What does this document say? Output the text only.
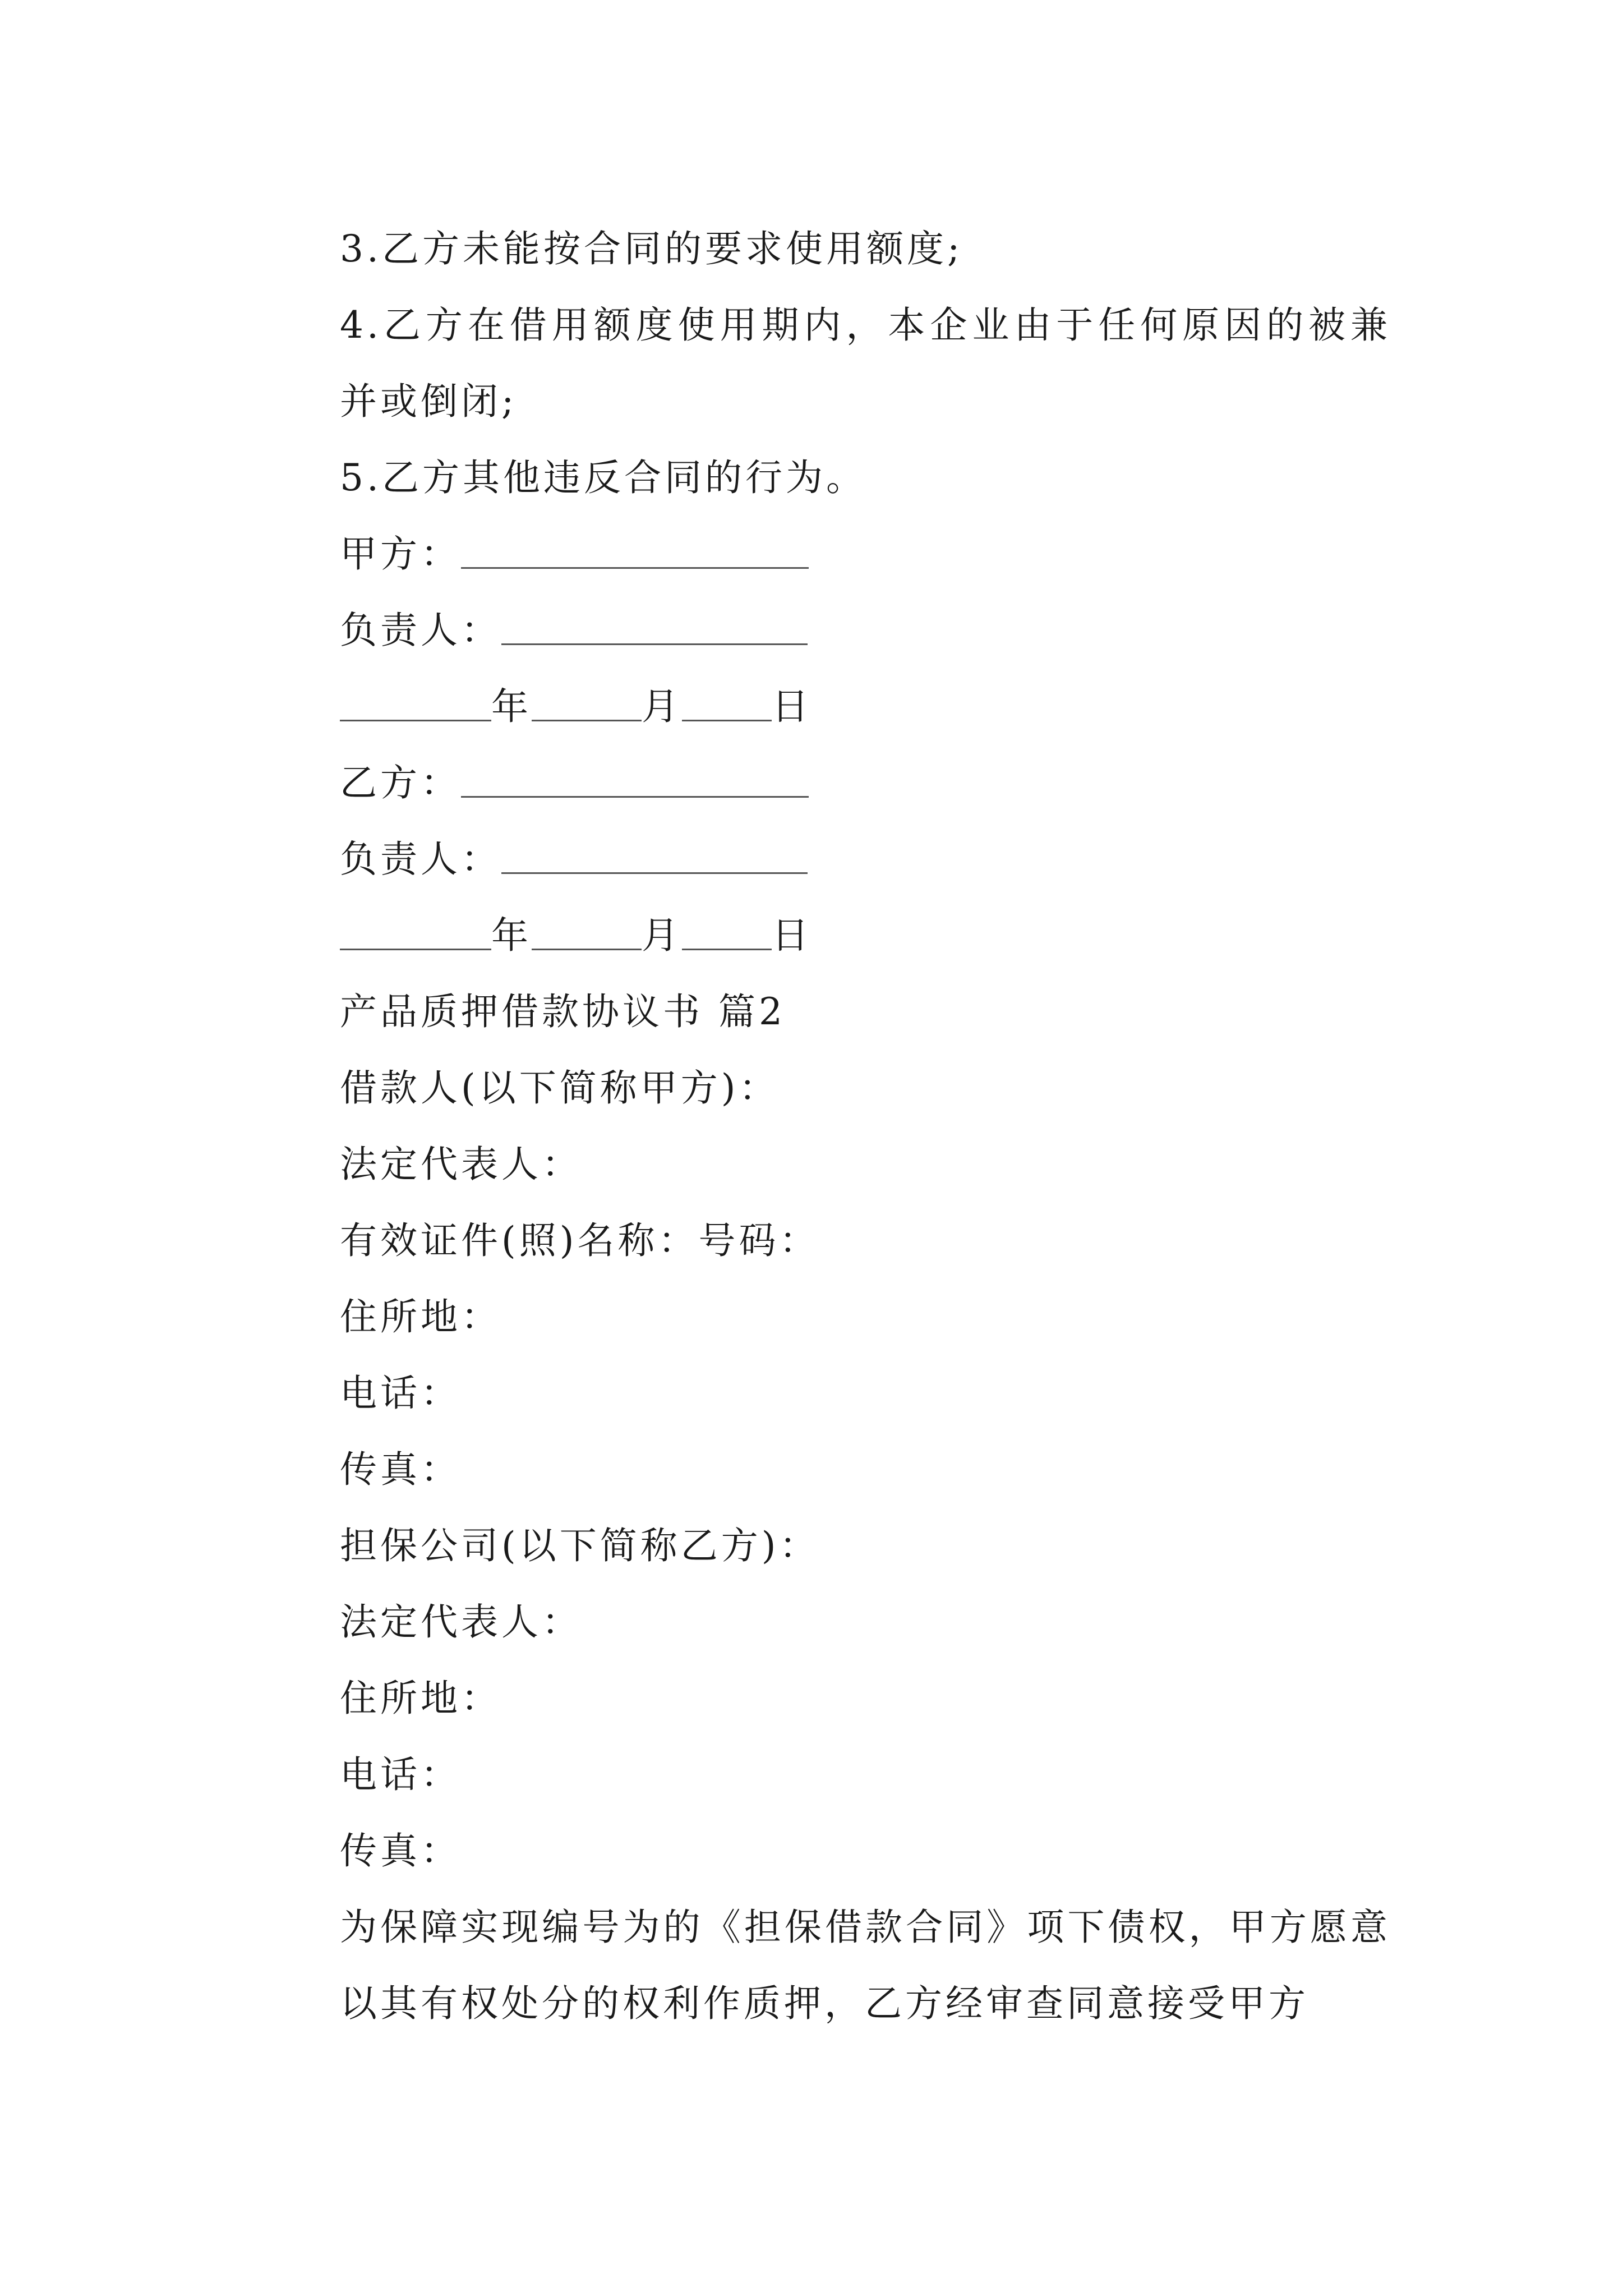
3.乙方未能按合同的要求使用额度;
4.乙方在借用额度使用期内，本企业由于任何原因的被兼并或倒闭;
5.乙方其他违反合同的行为。
甲方：
负责人：
年	月 日
乙方：
负责人：
年	月 日
产品质押借款协议书 篇2
借款人(以下简称甲方)：
法定代表人：
有效证件(照)名称：号码：
住所地：
电话：
传真：
担保公司(以下简称乙方)：
法定代表人：
住所地：
电话：
传真：
为保障实现编号为的《担保借款合同》项下债权，甲方愿意以其有权处分的权利作质押，乙方经审查同意接受甲方
